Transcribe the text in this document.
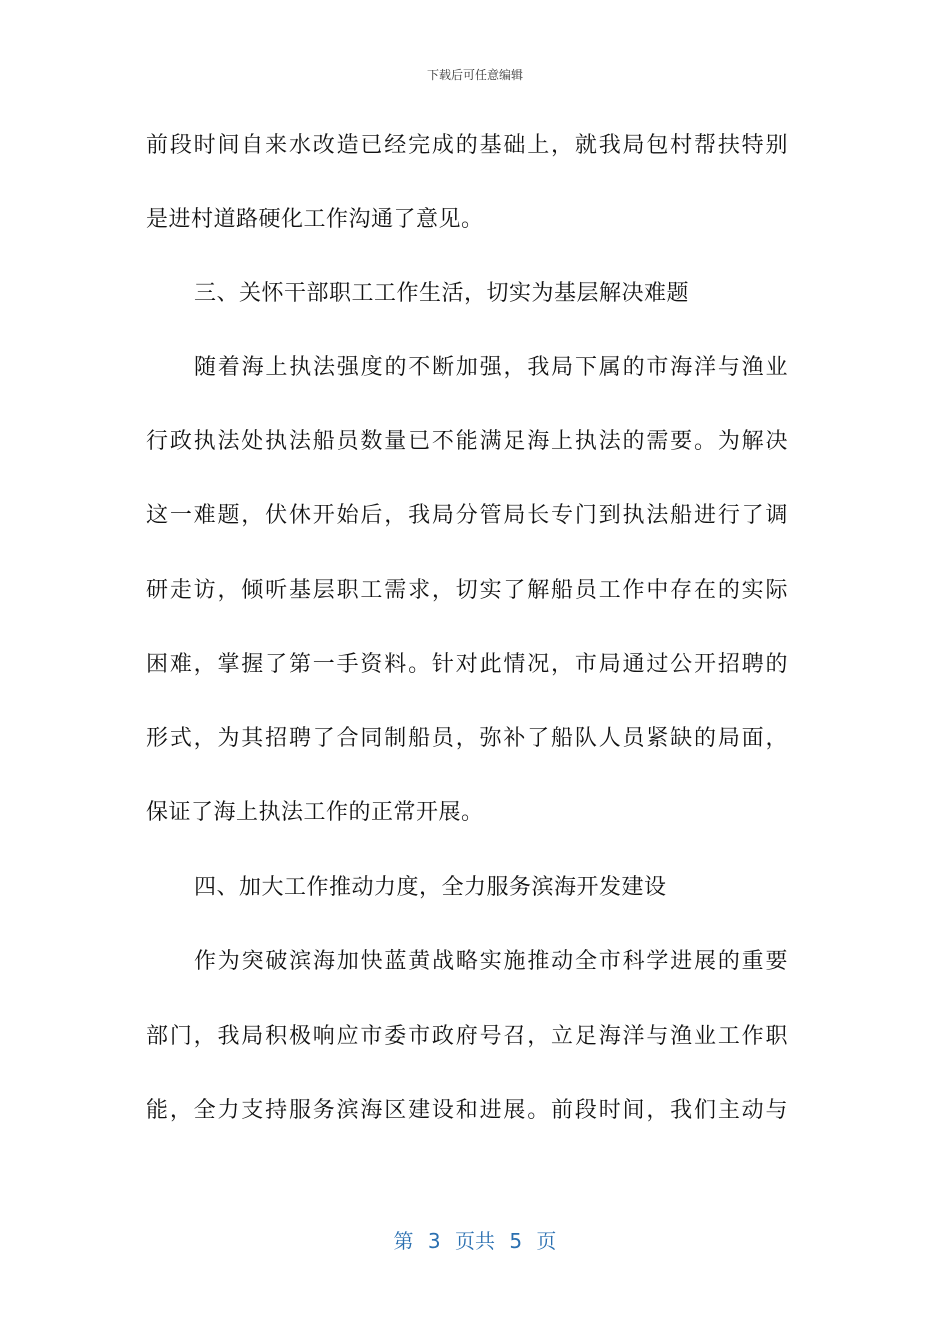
下载后可任意编辑
前段时间自来水改造已经完成的基础上，就我局包村帮扶特别
是进村道路硬化工作沟通了意见。
三、关怀干部职工工作生活，切实为基层解决难题
随着海上执法强度的不断加强，我局下属的市海洋与渔业
行政执法处执法船员数量已不能满足海上执法的需要。为解决
这一难题，伏休开始后，我局分管局长专门到执法船进行了调
研走访，倾听基层职工需求，切实了解船员工作中存在的实际
困难，掌握了第一手资料。针对此情况，市局通过公开招聘的
形式，为其招聘了合同制船员，弥补了船队人员紧缺的局面，
保证了海上执法工作的正常开展。
四、加大工作推动力度，全力服务滨海开发建设
作为突破滨海加快蓝黄战略实施推动全市科学进展的重要
部门，我局积极响应市委市政府号召，立足海洋与渔业工作职
能，全力支持服务滨海区建设和进展。前段时间，我们主动与
第 3 页共 5 页
